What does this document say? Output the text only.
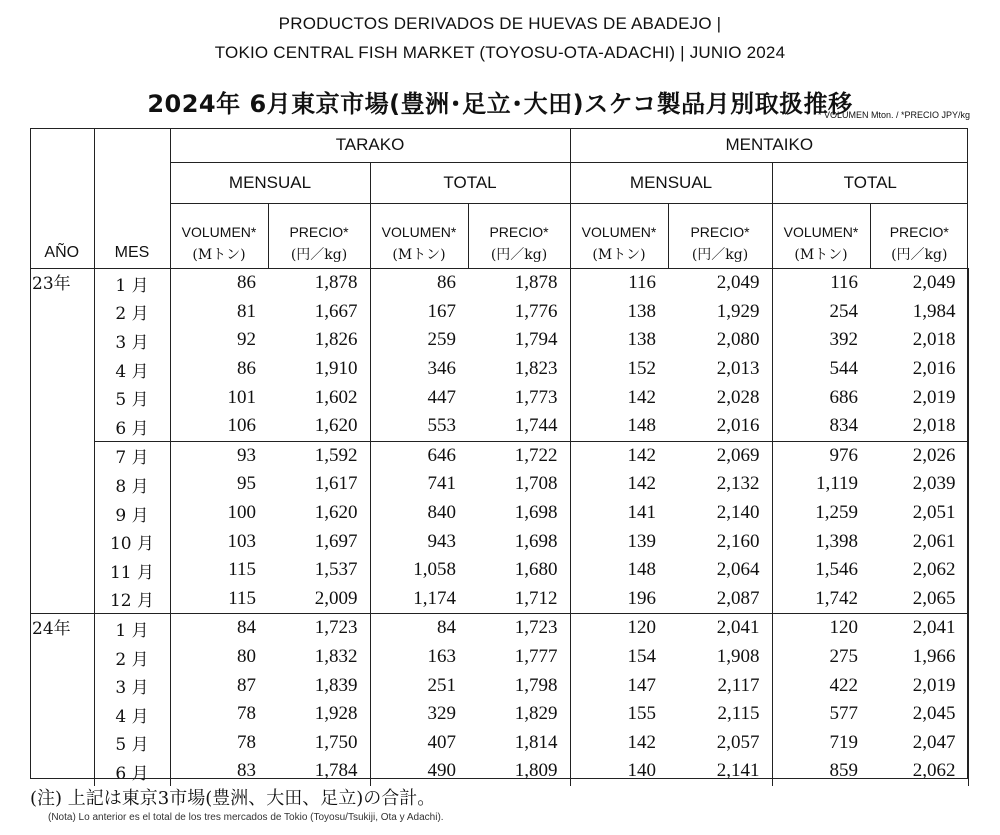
PRODUCTOS DERIVADOS DE HUEVAS DE ABADEJO |
TOKIO CENTRAL FISH MARKET (TOYOSU-OTA-ADACHI) | JUNIO 2024
2024年 6月東京市場(豊洲･足立･大田)スケコ製品月別取扱推移
* VOLUMEN Mton. / *PRECIO JPY/kg
		TARAKO				MENTAIKO			
		MENSUAL		TOTAL		MENSUAL		TOTAL	
AÑO	MES	VOLUMEN*	PRECIO*	VOLUMEN*	PRECIO*	VOLUMEN*	PRECIO*	VOLUMEN*	PRECIO*
		(Mトン)	(円／kg)	(Mトン)	(円／kg)	(Mトン)	(円／kg)	(Mトン)	(円／kg)
23年	1 月	86	1,878	86	1,878	116	2,049	116	2,049
	2 月	81	1,667	167	1,776	138	1,929	254	1,984
	3 月	92	1,826	259	1,794	138	2,080	392	2,018
	4 月	86	1,910	346	1,823	152	2,013	544	2,016
	5 月	101	1,602	447	1,773	142	2,028	686	2,019
	6 月	106	1,620	553	1,744	148	2,016	834	2,018
	7 月	93	1,592	646	1,722	142	2,069	976	2,026
	8 月	95	1,617	741	1,708	142	2,132	1,119	2,039
	9 月	100	1,620	840	1,698	141	2,140	1,259	2,051
	10 月	103	1,697	943	1,698	139	2,160	1,398	2,061
	11 月	115	1,537	1,058	1,680	148	2,064	1,546	2,062
	12 月	115	2,009	1,174	1,712	196	2,087	1,742	2,065
24年	1 月	84	1,723	84	1,723	120	2,041	120	2,041
	2 月	80	1,832	163	1,777	154	1,908	275	1,966
	3 月	87	1,839	251	1,798	147	2,117	422	2,019
	4 月	78	1,928	329	1,829	155	2,115	577	2,045
	5 月	78	1,750	407	1,814	142	2,057	719	2,047
	6 月	83	1,784	490	1,809	140	2,141	859	2,062
(注) 上記は東京3市場(豊洲、大田、足立)の合計。
(Nota) Lo anterior es el total de los tres mercados de Tokio (Toyosu/Tsukiji, Ota y Adachi).
